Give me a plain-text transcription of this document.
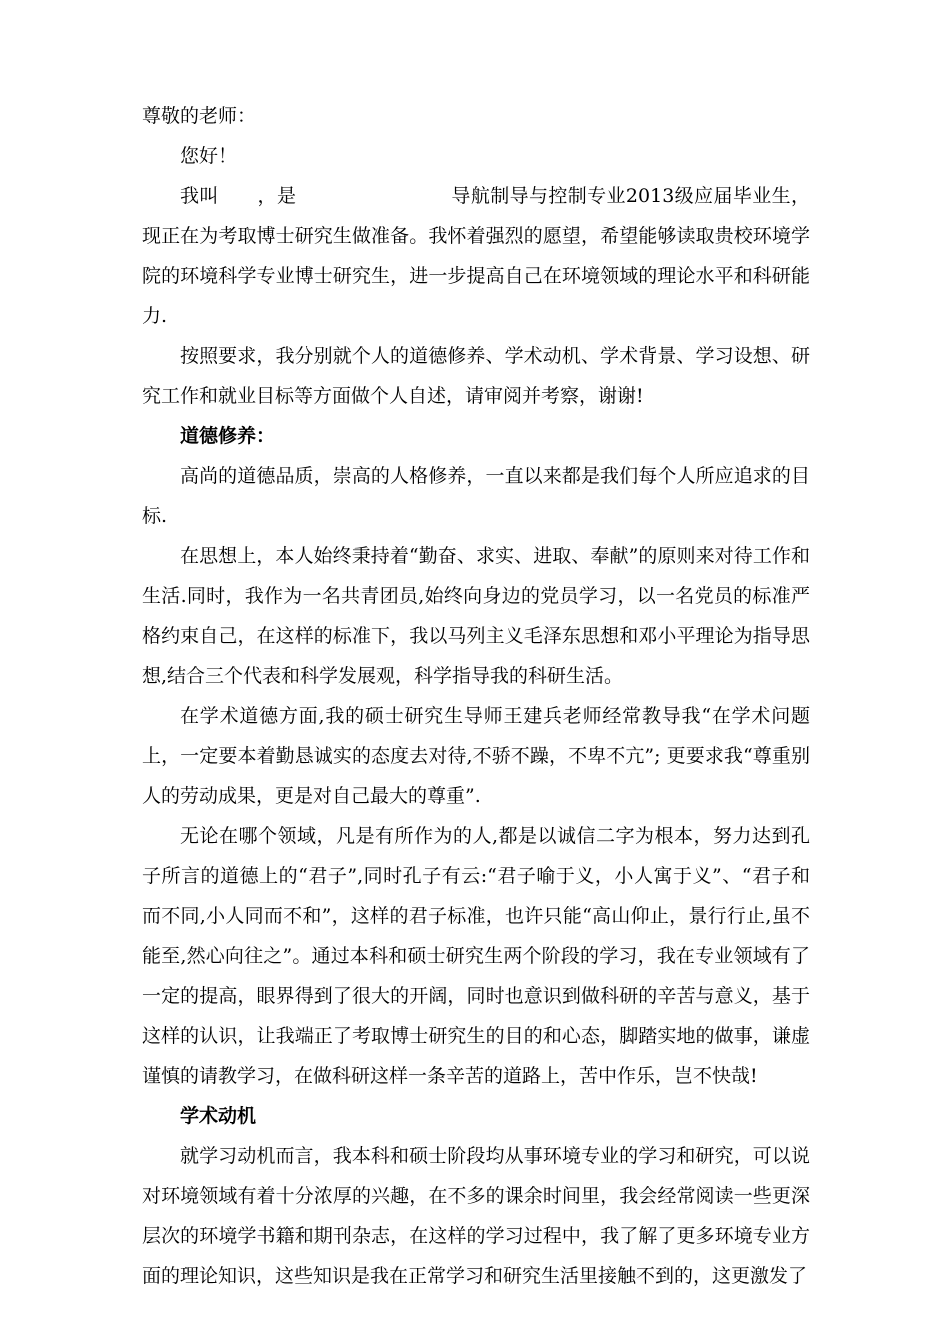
尊敬的老师：

您好！

我叫　　，是　　　　　　　　导航制导与控制专业2013级应届毕业生，现正在为考取博士研究生做准备。我怀着强烈的愿望，希望能够读取贵校环境学院的环境科学专业博士研究生，进一步提高自己在环境领域的理论水平和科研能力.

按照要求，我分别就个人的道德修养、学术动机、学术背景、学习设想、研究工作和就业目标等方面做个人自述，请审阅并考察，谢谢!

道德修养：

高尚的道德品质，崇高的人格修养，一直以来都是我们每个人所应追求的目标.

在思想上，本人始终秉持着“勤奋、求实、进取、奉献”的原则来对待工作和生活.同时，我作为一名共青团员,始终向身边的党员学习，以一名党员的标准严格约束自己，在这样的标准下，我以马列主义毛泽东思想和邓小平理论为指导思想,结合三个代表和科学发展观，科学指导我的科研生活。

在学术道德方面,我的硕士研究生导师王建兵老师经常教导我“在学术问题上，一定要本着勤恳诚实的态度去对待,不骄不躁，不卑不亢”; 更要求我“尊重别人的劳动成果，更是对自己最大的尊重”.

无论在哪个领域，凡是有所作为的人,都是以诚信二字为根本，努力达到孔子所言的道德上的“君子”,同时孔子有云:“君子喻于义，小人寓于义”、“君子和而不同,小人同而不和”，这样的君子标准，也许只能“高山仰止，景行行止,虽不能至,然心向往之”。通过本科和硕士研究生两个阶段的学习，我在专业领域有了一定的提高，眼界得到了很大的开阔，同时也意识到做科研的辛苦与意义，基于这样的认识，让我端正了考取博士研究生的目的和心态，脚踏实地的做事，谦虚谨慎的请教学习，在做科研这样一条辛苦的道路上，苦中作乐，岂不快哉!

学术动机

就学习动机而言，我本科和硕士阶段均从事环境专业的学习和研究，可以说对环境领域有着十分浓厚的兴趣，在不多的课余时间里，我会经常阅读一些更深层次的环境学书籍和期刊杂志，在这样的学习过程中，我了解了更多环境专业方面的理论知识，这些知识是我在正常学习和研究生活里接触不到的，这更激发了
